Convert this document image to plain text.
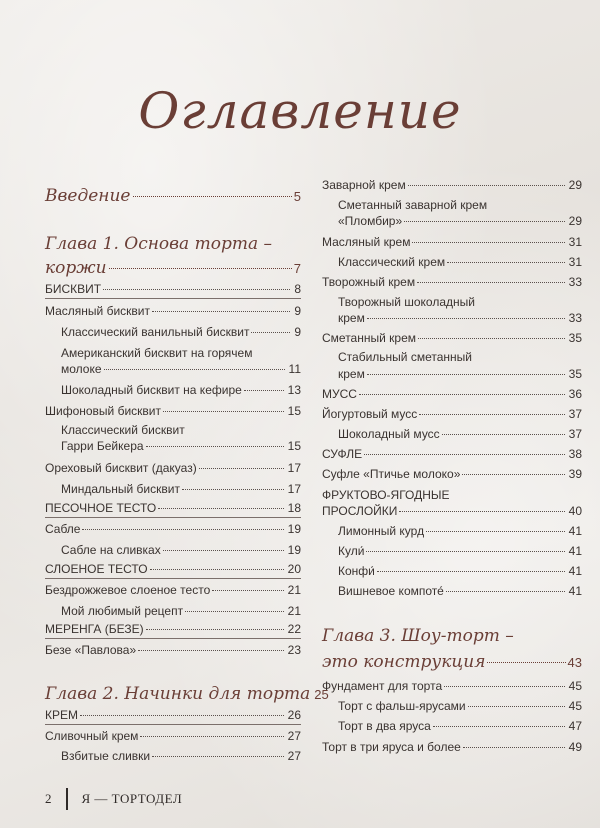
Оглавление
Введение	5
Глава 1. Основа торта –
коржи	7
БИСКВИТ	8
Масляный бисквит	9
Классический ванильный бисквит	9
Американский бисквит на горячем
молоке	11
Шоколадный бисквит на кефире	13
Шифоновый бисквит	15
Классический бисквит
Гарри Бейкера	15
Ореховый бисквит (дакуаз)	17
Миндальный бисквит	17
ПЕСОЧНОЕ ТЕСТО	18
Сабле	19
Сабле на сливках	19
СЛОЕНОЕ ТЕСТО	20
Бездрожжевое слоеное тесто	21
Мой любимый рецепт	21
МЕРЕНГА (БЕЗЕ)	22
Безе «Павлова»	23
Глава 2. Начинки для торта 25
КРЕМ	26
Сливочный крем	27
Взбитые сливки	27
Заварной крем	29
Сметанный заварной крем
«Пломбир»	29
Масляный крем	31
Классический крем	31
Творожный крем	33
Творожный шоколадный
крем	33
Сметанный крем	35
Стабильный сметанный
крем	35
МУСС	36
Йогуртовый мусс	37
Шоколадный мусс	37
СУФЛЕ	38
Суфле «Птичье молоко»	39
ФРУКТОВО-ЯГОДНЫЕ
ПРОСЛОЙКИ	40
Лимонный курд	41
Кули́	41
Конфи́	41
Вишневое компоте́	41
Глава 3. Шоу-торт –
это конструкция	43
Фундамент для торта	45
Торт с фальш-ярусами	45
Торт в два яруса	47
Торт в три яруса и более	49
2 Я — ТОРТОДЕЛ
